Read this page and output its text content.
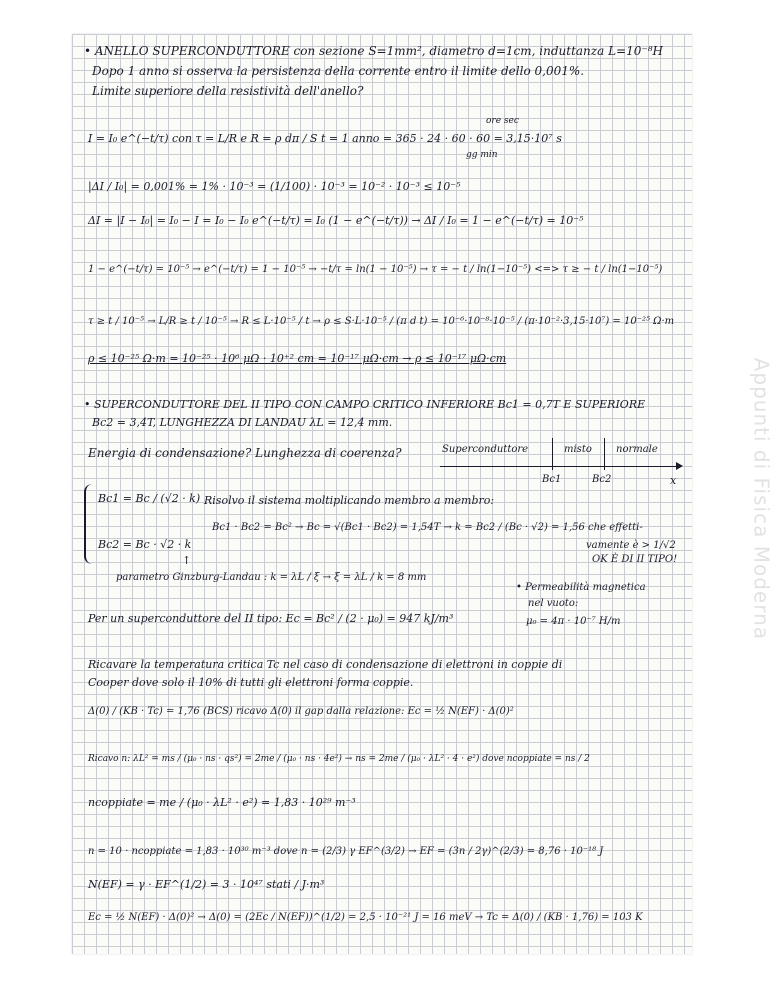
Appunti di Fisica Moderna
• ANELLO SUPERCONDUTTORE con sezione S=1mm², diametro d=1cm, induttanza L=10⁻⁸H
Dopo 1 anno si osserva la persistenza della corrente entro il limite dello 0,001%.
Limite superiore della resistività dell'anello?
ore sec
I = I₀ e^(−t/τ) con τ = L/R e R = ρ dπ / S t = 1 anno = 365 · 24 · 60 · 60 = 3,15·10⁷ s
gg min
|ΔI / I₀| = 0,001% = 1% · 10⁻³ = (1/100) · 10⁻³ = 10⁻² · 10⁻³ ≤ 10⁻⁵
ΔI = |I − I₀| = I₀ − I = I₀ − I₀ e^(−t/τ) = I₀ (1 − e^(−t/τ)) → ΔI / I₀ = 1 − e^(−t/τ) = 10⁻⁵
1 − e^(−t/τ) = 10⁻⁵ → e^(−t/τ) = 1 − 10⁻⁵ → −t/τ = ln(1 − 10⁻⁵) → τ = − t / ln(1−10⁻⁵) <=> τ ≥ − t / ln(1−10⁻⁵)
τ ≥ t / 10⁻⁵ → L/R ≥ t / 10⁻⁵ → R ≤ L·10⁻⁵ / t → ρ ≤ S·L·10⁻⁵ / (π d t) = 10⁻⁶·10⁻⁸·10⁻⁵ / (π·10⁻²·3,15·10⁷) = 10⁻²⁵ Ω·m
ρ ≤ 10⁻²⁵ Ω·m = 10⁻²⁵ · 10⁶ μΩ · 10⁺² cm = 10⁻¹⁷ μΩ·cm → ρ ≤ 10⁻¹⁷ μΩ·cm
• SUPERCONDUTTORE DEL II TIPO CON CAMPO CRITICO INFERIORE Bc1 = 0,7T E SUPERIORE
Bc2 = 3,4T, LUNGHEZZA DI LANDAU λL = 12,4 mm.
Energia di condensazione? Lunghezza di coerenza?	Superconduttore	misto normale
Bc1	Bc2	x
Bc1 = Bc / (√2 · k) Risolvo il sistema moltiplicando membro a membro:
Bc1 · Bc2 = Bc² → Bc = √(Bc1 · Bc2) = 1,54T → k = Bc2 / (Bc · √2) = 1,56 che effetti-
vamente è > 1/√2
OK È DI II TIPO!
Bc2 = Bc · √2 · k
↑
parametro Ginzburg-Landau : k = λL / ξ → ξ = λL / k = 8 mm
• Permeabilità magnetica
nel vuoto:
μ₀ = 4π · 10⁻⁷ H/m
Per un superconduttore del II tipo: Ec = Bc² / (2 · μ₀) = 947 kJ/m³
Ricavare la temperatura critica Tc nel caso di condensazione di elettroni in coppie di
Cooper dove solo il 10% di tutti gli elettroni forma coppie.
Δ(0) / (KB · Tc) = 1,76 (BCS) ricavo Δ(0) il gap dalla relazione: Ec = ½ N(EF) · Δ(0)²
Ricavo n: λL² = ms / (μ₀ · ns · qs²) = 2me / (μ₀ · ns · 4e²) → ns = 2me / (μ₀ · λL² · 4 · e²) dove ncoppiate = ns / 2
ncoppiate = me / (μ₀ · λL² · e²) = 1,83 · 10²⁹ m⁻³
n = 10 · ncoppiate = 1,83 · 10³⁰ m⁻³ dove n = (2/3) γ EF^(3/2) → EF = (3n / 2γ)^(2/3) = 8,76 · 10⁻¹⁸ J
N(EF) = γ · EF^(1/2) = 3 · 10⁴⁷ stati / J·m³
Ec = ½ N(EF) · Δ(0)² → Δ(0) = (2Ec / N(EF))^(1/2) = 2,5 · 10⁻²¹ J = 16 meV → Tc = Δ(0) / (KB · 1,76) = 103 K
